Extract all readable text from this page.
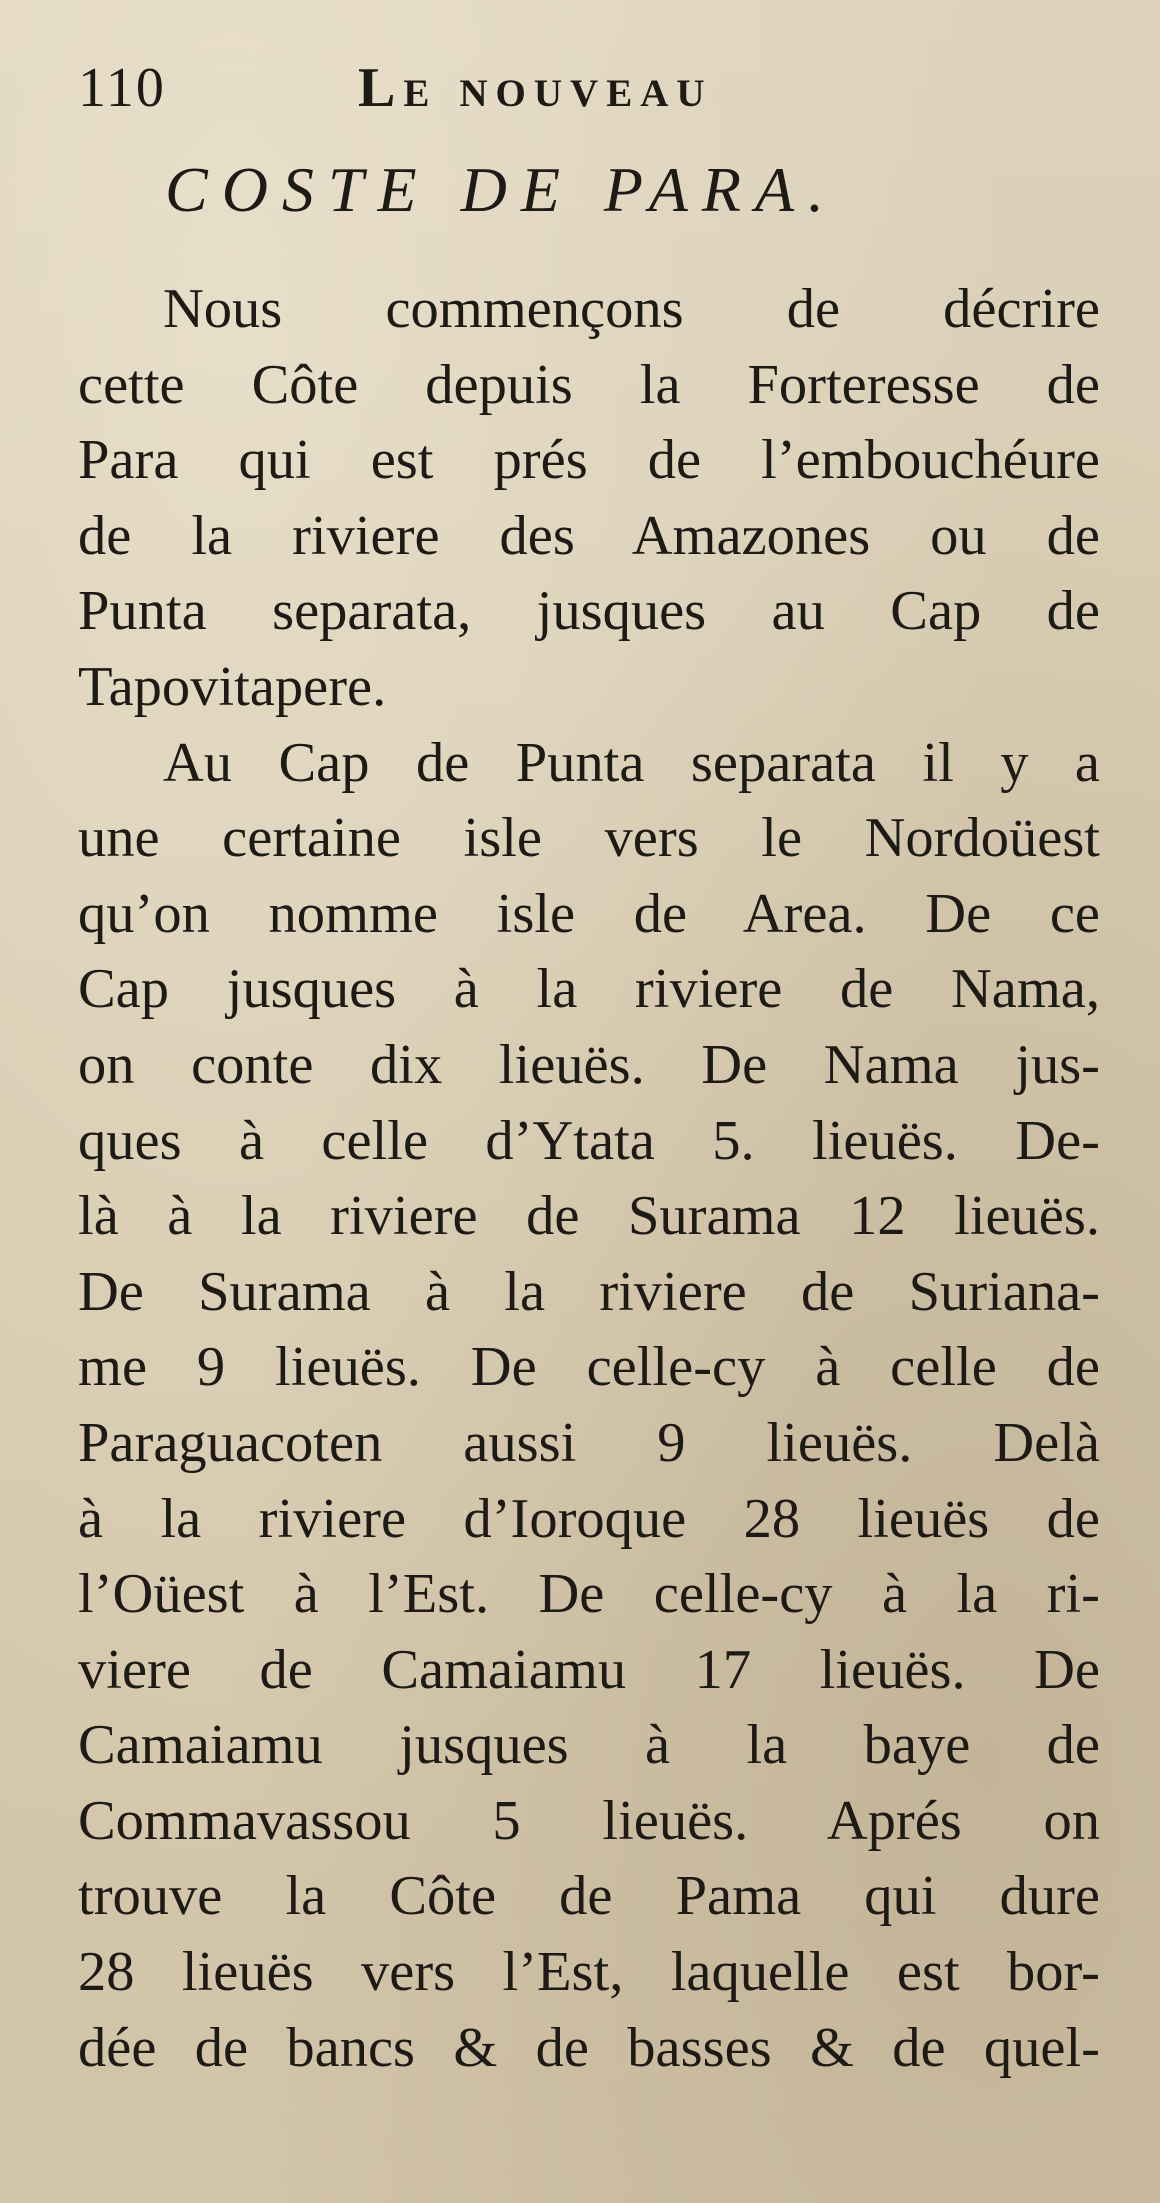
110	Le nouveau
COSTE DE PARA.
Nous commençons de décrire
cette Côte depuis la Forteresse de
Para qui est prés de l’embouchéure
de la riviere des Amazones ou de
Punta separata, jusques au Cap de
Tapovitapere.
Au Cap de Punta separata il y a
une certaine isle vers le Nordoüest
qu’on nomme isle de Area. De ce
Cap jusques à la riviere de Nama,
on conte dix lieuës. De Nama jus-
ques à celle d’Ytata 5. lieuës. De-
là à la riviere de Surama 12 lieuës.
De Surama à la riviere de Suriana-
me 9 lieuës. De celle-cy à celle de
Paraguacoten aussi 9 lieuës. Delà
à la riviere d’Ioroque 28 lieuës de
l’Oüest à l’Est. De celle-cy à la ri-
viere de Camaiamu 17 lieuës. De
Camaiamu jusques à la baye de
Commavassou 5 lieuës. Aprés on
trouve la Côte de Pama qui dure
28 lieuës vers l’Est, laquelle est bor-
dée de bancs & de basses & de quel-
